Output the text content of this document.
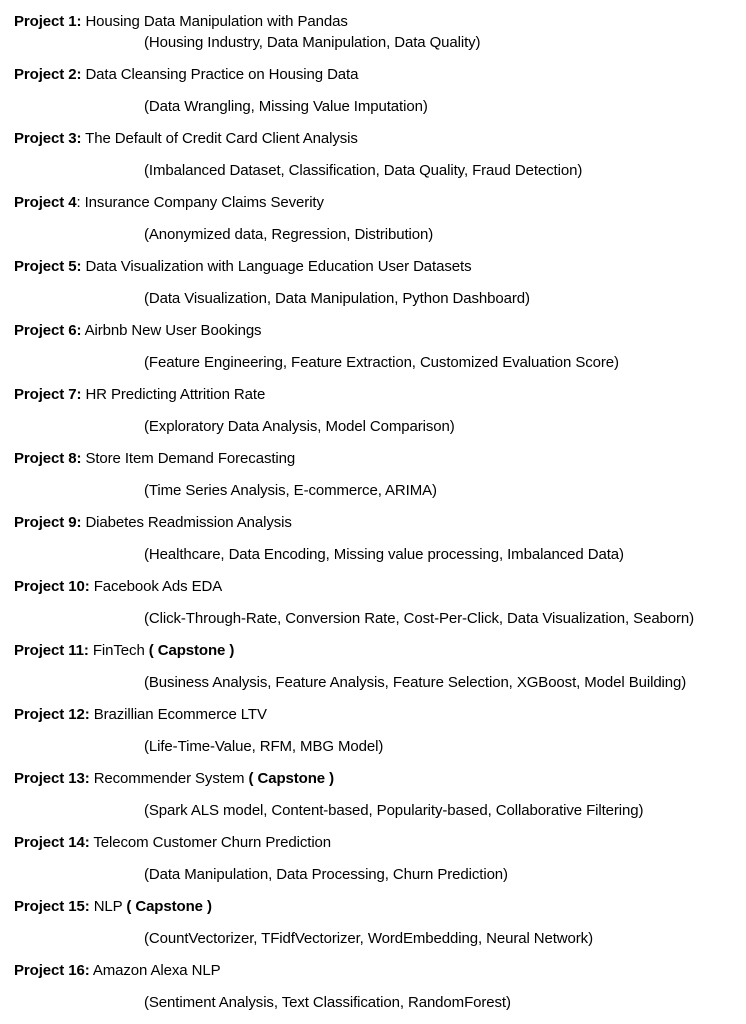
Project 1: Housing Data Manipulation with Pandas
(Housing Industry, Data Manipulation, Data Quality)
Project 2: Data Cleansing Practice on Housing Data
(Data Wrangling, Missing Value Imputation)
Project 3: The Default of Credit Card Client Analysis
(Imbalanced Dataset, Classification, Data Quality, Fraud Detection)
Project 4: Insurance Company Claims Severity
(Anonymized data, Regression, Distribution)
Project 5: Data Visualization with Language Education User Datasets
(Data Visualization, Data Manipulation, Python Dashboard)
Project 6: Airbnb New User Bookings
(Feature Engineering, Feature Extraction, Customized Evaluation Score)
Project 7: HR Predicting Attrition Rate
(Exploratory Data Analysis, Model Comparison)
Project 8: Store Item Demand Forecasting
(Time Series Analysis, E-commerce, ARIMA)
Project 9: Diabetes Readmission Analysis
(Healthcare, Data Encoding, Missing value processing, Imbalanced Data)
Project 10: Facebook Ads EDA
(Click-Through-Rate, Conversion Rate, Cost-Per-Click, Data Visualization, Seaborn)
Project 11: FinTech ( Capstone )
(Business Analysis, Feature Analysis, Feature Selection, XGBoost, Model Building)
Project 12: Brazillian Ecommerce LTV
(Life-Time-Value, RFM, MBG Model)
Project 13: Recommender System ( Capstone )
(Spark ALS model, Content-based, Popularity-based, Collaborative Filtering)
Project 14: Telecom Customer Churn Prediction
(Data Manipulation, Data Processing, Churn Prediction)
Project 15: NLP ( Capstone )
(CountVectorizer, TFidfVectorizer, WordEmbedding, Neural Network)
Project 16: Amazon Alexa NLP
(Sentiment Analysis, Text Classification, RandomForest)
